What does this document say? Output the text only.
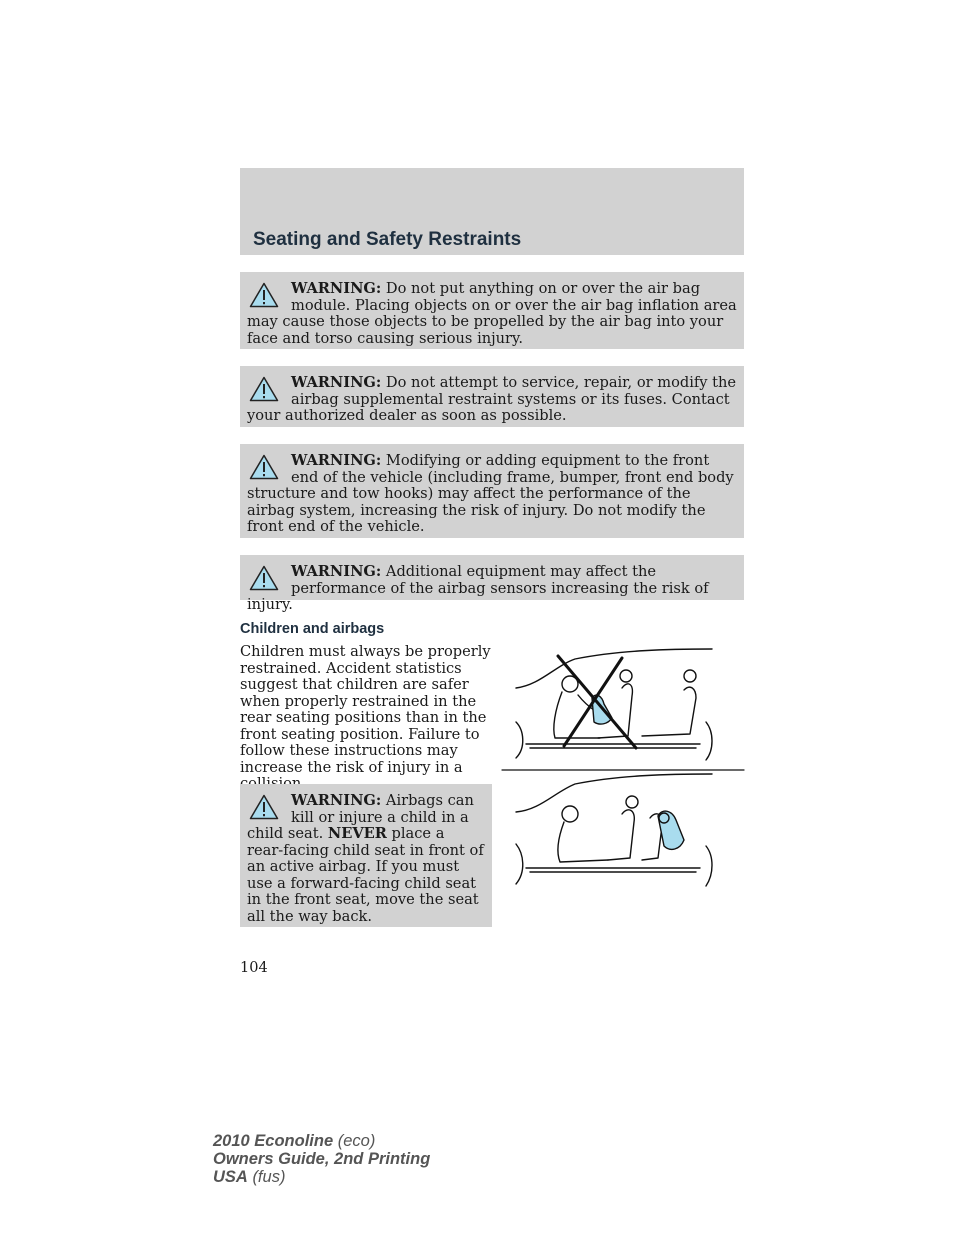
Seating and Safety Restraints
WARNING: Do not put anything on or over the air bag module. Placing objects on or over the air bag inflation area may cause those objects to be propelled by the air bag into your face and torso causing serious injury.
WARNING: Do not attempt to service, repair, or modify the airbag supplemental restraint systems or its fuses. Contact your authorized dealer as soon as possible.
WARNING: Modifying or adding equipment to the front end of the vehicle (including frame, bumper, front end body structure and tow hooks) may affect the performance of the airbag system, increasing the risk of injury. Do not modify the front end of the vehicle.
WARNING: Additional equipment may affect the performance of the airbag sensors increasing the risk of injury.
Children and airbags

Children must always be properly restrained. Accident statistics suggest that children are safer when properly restrained in the rear seating positions than in the front seating position. Failure to follow these instructions may increase the risk of injury in a

WARNING: Airbags can kill or injure a child in a child seat. NEVER place a rear-facing child seat in front of an active airbag. If you must use a forward-facing child seat in the front seat, move the seat all the way back.
104
2010 Econoline (eco)
Owners Guide, 2nd Printing
USA (fus)
